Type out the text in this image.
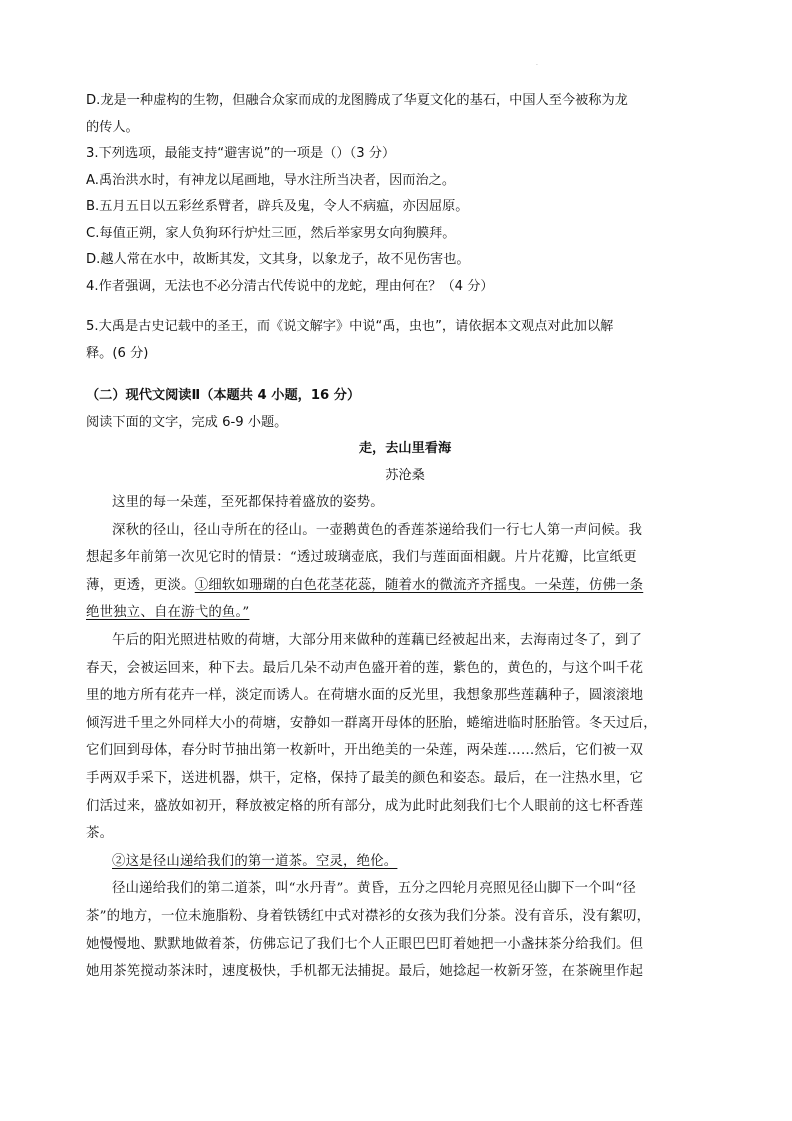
·
D.龙是一种虚构的生物，但融合众家而成的龙图腾成了华夏文化的基石，中国人至今被称为龙
的传人。
3.下列选项，最能支持“避害说”的一项是（）（3 分）
A.禹治洪水时，有神龙以尾画地，导水注所当决者，因而治之。
B.五月五日以五彩丝系臂者，辟兵及鬼，令人不病瘟，亦因屈原。
C.每值正朔，家人负狗环行炉灶三匝，然后举家男女向狗膜拜。
D.越人常在水中，故断其发，文其身，以象龙子，故不见伤害也。
4.作者强调，无法也不必分清古代传说中的龙蛇，理由何在？（4 分）
5.大禹是古史记载中的圣王，而《说文解字》中说“禹，虫也”，请依据本文观点对此加以解
释。(6 分)
（二）现代文阅读Ⅱ（本题共 4 小题，16 分）
阅读下面的文字，完成 6-9 小题。
走，去山里看海
苏沧桑
这里的每一朵莲，至死都保持着盛放的姿势。
深秋的径山，径山寺所在的径山。一壶鹅黄色的香莲茶递给我们一行七人第一声问候。我
想起多年前第一次见它时的情景：“透过玻璃壶底，我们与莲面面相觑。片片花瓣，比宣纸更
薄，更透，更淡。①细软如珊瑚的白色花茎花蕊，随着水的微流齐齐摇曳。一朵莲，仿佛一条
绝世独立、自在游弋的鱼。”
午后的阳光照进枯败的荷塘，大部分用来做种的莲藕已经被起出来，去海南过冬了，到了
春天，会被运回来，种下去。最后几朵不动声色盛开着的莲，紫色的，黄色的，与这个叫千花
里的地方所有花卉一样，淡定而诱人。在荷塘水面的反光里，我想象那些莲藕种子，圆滚滚地
倾泻进千里之外同样大小的荷塘，安静如一群离开母体的胚胎，蜷缩进临时胚胎管。冬天过后，
它们回到母体，春分时节抽出第一枚新叶，开出绝美的一朵莲，两朵莲……然后，它们被一双
手两双手采下，送进机器，烘干，定格，保持了最美的颜色和姿态。最后，在一注热水里，它
们活过来，盛放如初开，释放被定格的所有部分，成为此时此刻我们七个人眼前的这七杯香莲
茶。
②这是径山递给我们的第一道茶。空灵，绝伦。
径山递给我们的第二道茶，叫“水丹青”。黄昏，五分之四轮月亮照见径山脚下一个叫“径
茶”的地方，一位未施脂粉、身着铁锈红中式对襟衫的女孩为我们分茶。没有音乐，没有絮叨，
她慢慢地、默默地做着茶，仿佛忘记了我们七个人正眼巴巴盯着她把一小盏抹茶分给我们。但
她用茶筅搅动茶沫时，速度极快，手机都无法捕捉。最后，她捻起一枚新牙签，在茶碗里作起
